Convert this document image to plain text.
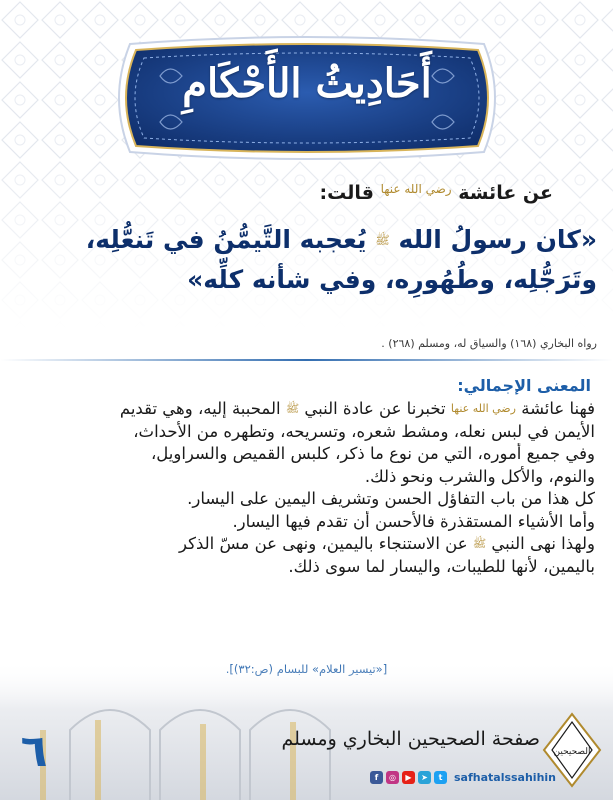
أَحَادِيثُ الأَحْكَامِ
عن عائشة $^{رضي الله عنها}$ قالت:
«كان رسولُ الله $^ﷺ$ يُعجبه التَّيمُّنُ في تَنعُّلِه،
وتَرَجُّلِه، وطُهُورِه، وفي شأنه كلِّه»
رواه البخاري (١٦٨) والسياق له، ومسلم (٢٦٨) .
المعنى الإجمالي:
فهنا عائشة $^{رضي الله عنها}$ تخبرنا عن عادة النبي $^ﷺ$ المحببة إليه، وهي تقديم
الأيمن في لبس نعله، ومشط شعره، وتسريحه، وتطهره من الأحداث،
وفي جميع أموره، التي من نوع ما ذكر، كلبس القميص والسراويل،
والنوم، والأكل والشرب ونحو ذلك.
كل هذا من باب التفاؤل الحسن وتشريف اليمين على اليسار.
وأما الأشياء المستقذرة فالأحسن أن تقدم فيها اليسار.
ولهذا نهى النبي $^ﷺ$ عن الاستنجاء باليمين، ونهى عن مسّ الذكر
باليمين، لأنها للطيبات، واليسار لما سوى ذلك.
٦	الصحيحين
صفحة الصحيحين البخاري ومسلم
f	◎	▶	➤	t	safhatalssahihin
